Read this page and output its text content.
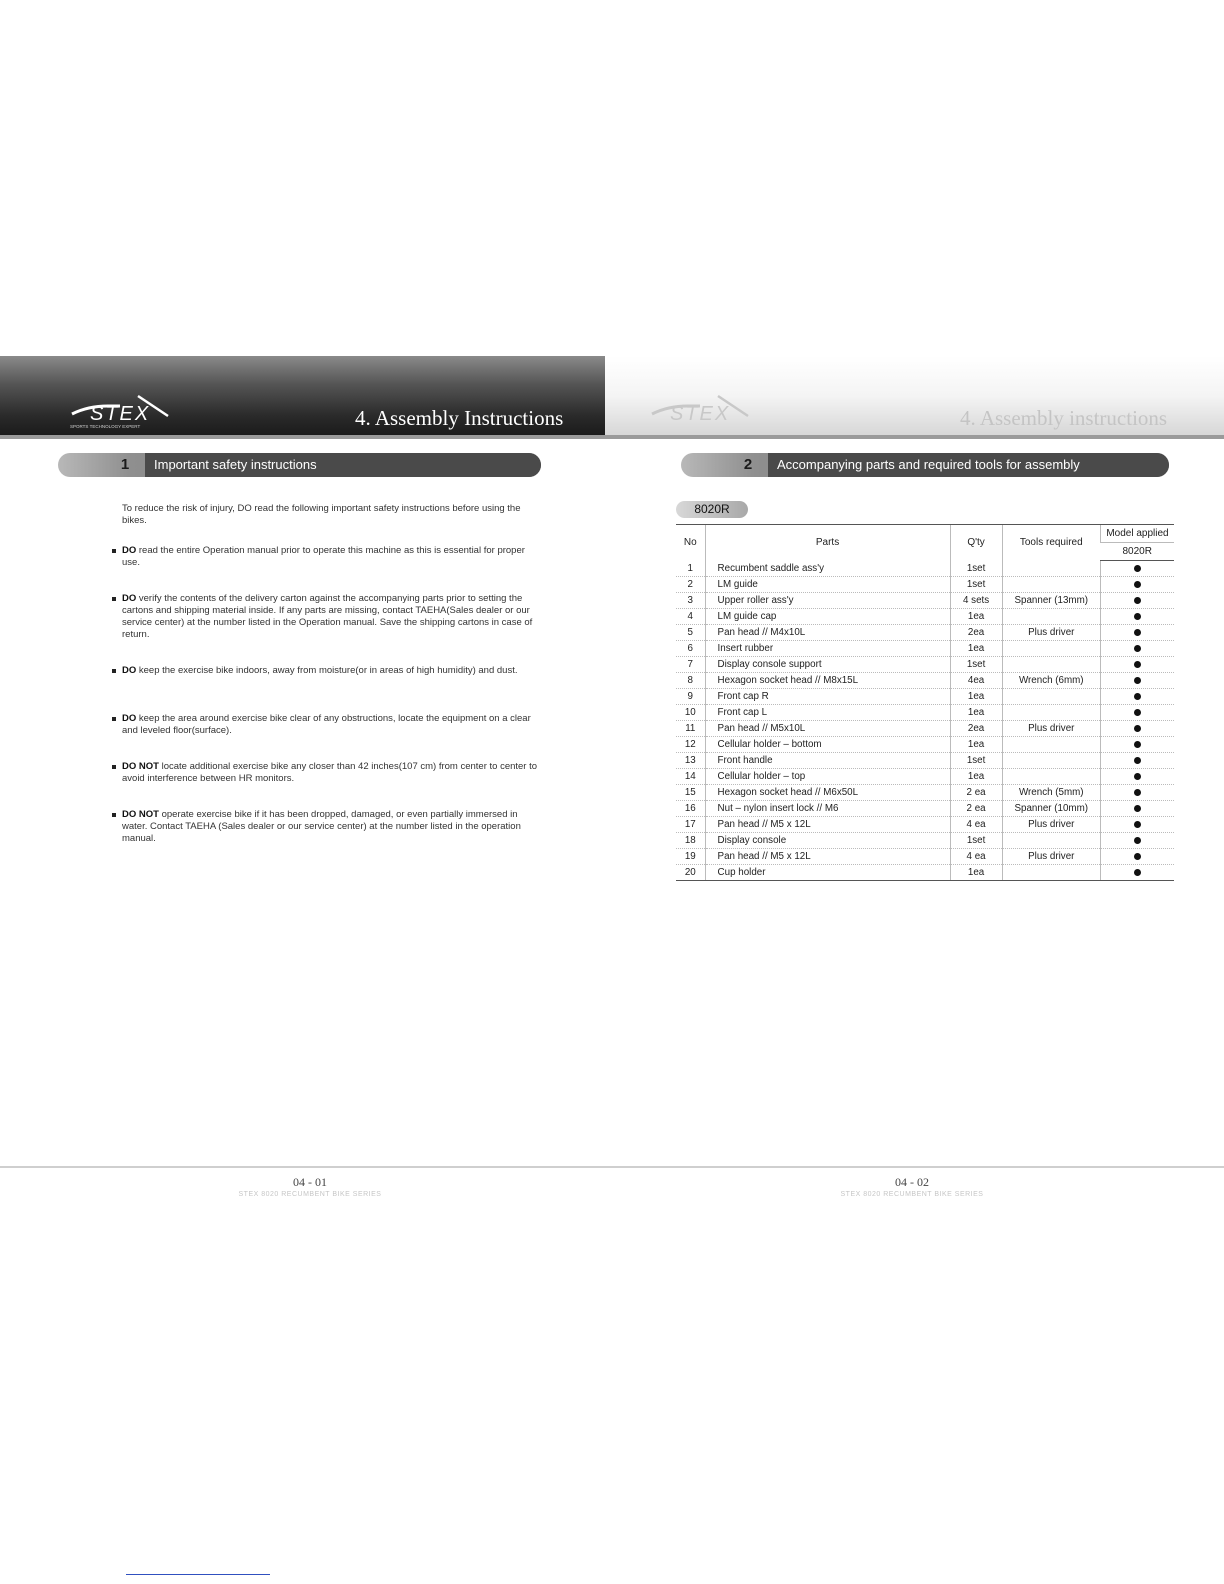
STEX
SPORTS TECHNOLOGY EXPERT	4. Assembly Instructions	STEX	4. Assembly instructions
1	Important safety instructions
To reduce the risk of injury, DO read the following important safety instructions before using the bikes.
DO read the entire Operation manual prior to operate this machine as this is essential for proper use.
DO verify the contents of the delivery carton against the accompanying parts prior to setting the cartons and shipping material inside. If any parts are missing, contact TAEHA(Sales dealer or our service center) at the number listed in the Operation manual. Save the shipping cartons in case of return.
DO keep the exercise bike indoors, away from moisture(or in areas of high humidity) and dust.
DO keep the area around exercise bike clear of any obstructions, locate the equipment on a clear and leveled floor(surface).
DO NOT locate additional exercise bike any closer than 42 inches(107 cm) from center to center to avoid interference between HR monitors.
DO NOT operate exercise bike if it has been dropped, damaged, or even partially immersed in water. Contact TAEHA (Sales dealer or our service center) at the number listed in the operation manual.
2	Accompanying parts and required tools for assembly
8020R
No	Parts	Q'ty	Tools required	Model applied
				8020R
1	Recumbent saddle ass'y	1set		
2	LM guide	1set		
3	Upper roller ass'y	4 sets	Spanner (13mm)	
4	LM guide cap	1ea		
5	Pan head // M4x10L	2ea	Plus driver	
6	Insert rubber	1ea		
7	Display console support	1set		
8	Hexagon socket head // M8x15L	4ea	Wrench (6mm)	
9	Front cap R	1ea		
10	Front cap L	1ea		
11	Pan head // M5x10L	2ea	Plus driver	
12	Cellular holder – bottom	1ea		
13	Front handle	1set		
14	Cellular holder – top	1ea		
15	Hexagon socket head // M6x50L	2 ea	Wrench (5mm)	
16	Nut – nylon insert lock // M6	2 ea	Spanner (10mm)	
17	Pan head // M5 x 12L	4 ea	Plus driver	
18	Display console	1set		
19	Pan head // M5 x 12L	4 ea	Plus driver	
20	Cup holder	1ea		
04 - 01
STEX 8020 RECUMBENT BIKE SERIES
04 - 02
STEX 8020 RECUMBENT BIKE SERIES
